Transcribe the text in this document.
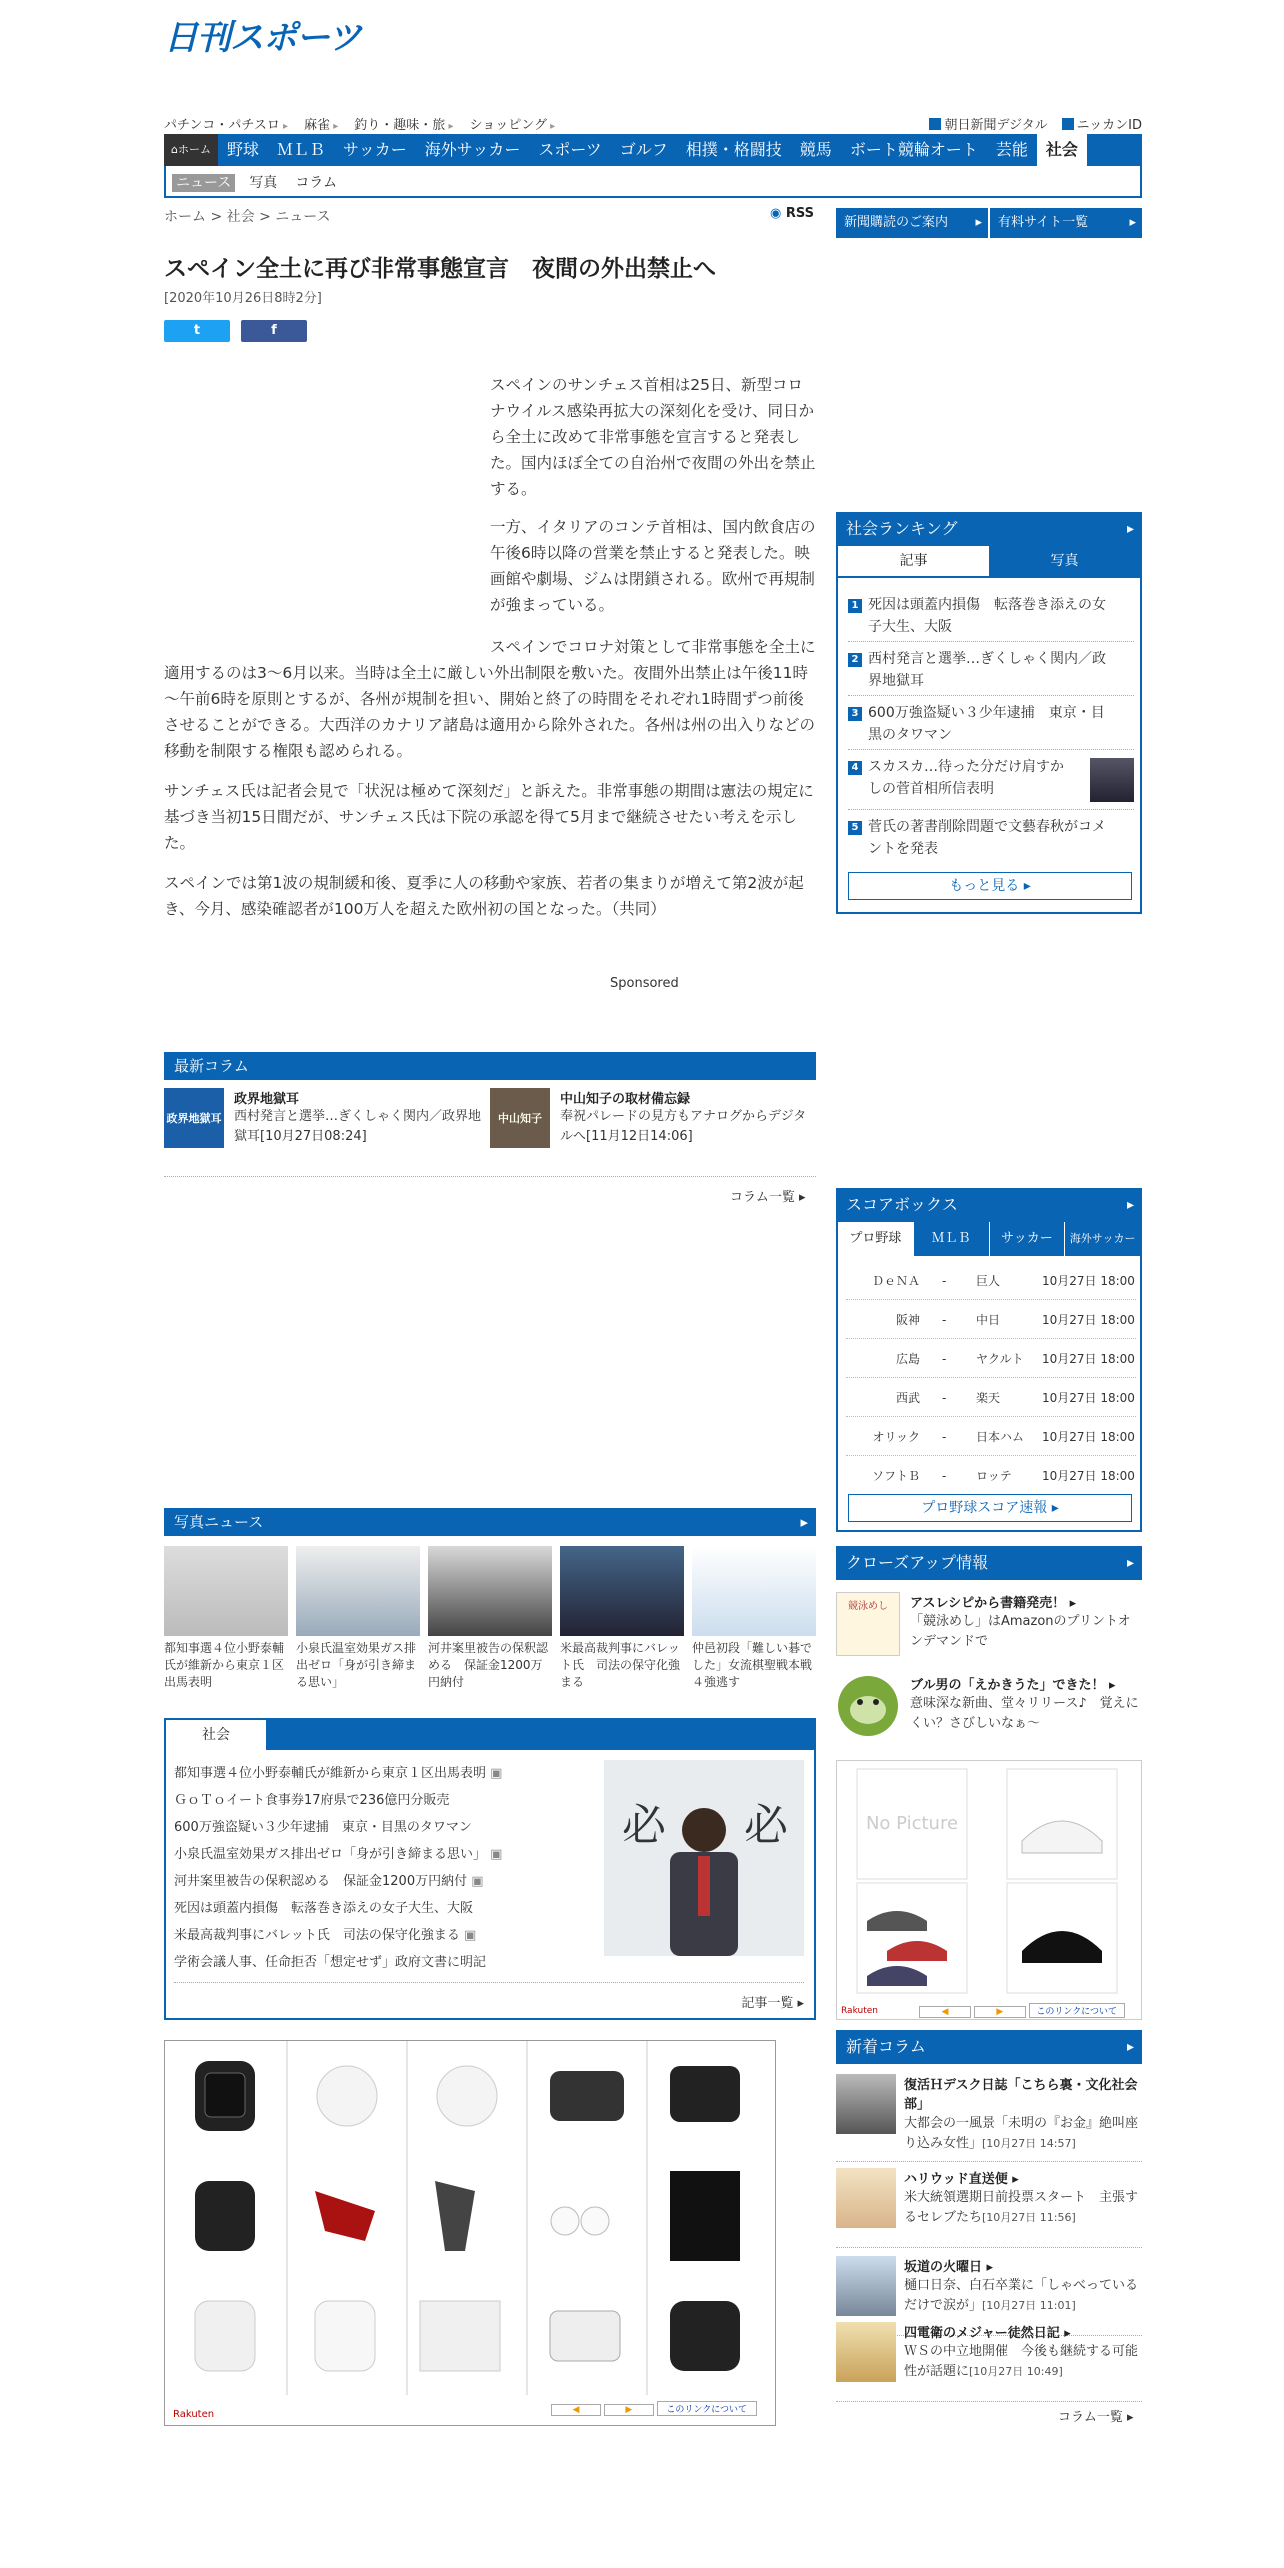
日刊スポーツ
パチンコ・パチスロ ▸ 麻雀 ▸ 釣り・趣味・旅 ▸ ショッピング ▸	朝日新聞デジタル ニッカンID
⌂ホーム	野球	ＭＬＢ	サッカー	海外サッカー	スポーツ	ゴルフ	相撲・格闘技	競馬	ボート競輪オート	芸能	社会
ニュース 写真 コラム
ホーム > 社会 > ニュース	◉ RSS
スペイン全土に再び非常事態宣言　夜間の外出禁止へ
[2020年10月26日8時2分]
t	f

スペインのサンチェス首相は25日、新型コロナウイルス感染再拡大の深刻化を受け、同日から全土に改めて非常事態を宣言すると発表した。国内ほぼ全ての自治州で夜間の外出を禁止する。

一方、イタリアのコンテ首相は、国内飲食店の午後6時以降の営業を禁止すると発表した。映画館や劇場、ジムは閉鎖される。欧州で再規制が強まっている。

スペインでコロナ対策として非常事態を全土に適用するのは3～6月以来。当時は全土に厳しい外出制限を敷いた。夜間外出禁止は午後11時～午前6時を原則とするが、各州が規制を担い、開始と終了の時間をそれぞれ1時間ずつ前後させることができる。大西洋のカナリア諸島は適用から除外された。各州は州の出入りなどの移動を制限する権限も認められる。

サンチェス氏は記者会見で「状況は極めて深刻だ」と訴えた。非常事態の期間は憲法の規定に基づき当初15日間だが、サンチェス氏は下院の承認を得て5月まで継続させたい考えを示した。

スペインでは第1波の規制緩和後、夏季に人の移動や家族、若者の集まりが増えて第2波が起き、今月、感染確認者が100万人を超えた欧州初の国となった。（共同）

Sponsored
最新コラム
政界地獄耳
政界地獄耳
西村発言と選挙…ぎくしゃく関内／政界地獄耳[10月27日08:24]
中山知子
中山知子の取材備忘録
奉祝パレードの見方もアナログからデジタルへ[11月12日14:06]
コラム一覧 ▸
写真ニュース	▸
都知事選４位小野泰輔氏が維新から東京１区出馬表明
小泉氏温室効果ガス排出ゼロ「身が引き締まる思い」
河井案里被告の保釈認める　保証金1200万円納付
米最高裁判事にバレット氏　司法の保守化強まる
仲邑初段「難しい碁でした」女流棋聖戦本戦４強逃す
社会
都知事選４位小野泰輔氏が維新から東京１区出馬表明 ▣
ＧｏＴｏイート食事券17府県で236億円分販売
600万強盗疑い３少年逮捕　東京・目黒のタワマン
小泉氏温室効果ガス排出ゼロ「身が引き締まる思い」 ▣
河井案里被告の保釈認める　保証金1200万円納付 ▣
死因は頭蓋内損傷　転落巻き添えの女子大生、大阪
米最高裁判事にバレット氏　司法の保守化強まる ▣
学術会議人事、任命拒否「想定せず」政府文書に明記
必 必
記事一覧 ▸
Rakuten	◀	▶	このリンクについて
新聞購読のご案内 ▸	有料サイト一覧	▸
社会ランキング ▸
記事	写真
1 死因は頭蓋内損傷　転落巻き添えの女子大生、大阪
2 西村発言と選挙…ぎくしゃく関内／政界地獄耳
3 600万強盗疑い３少年逮捕　東京・目黒のタワマン
4 スカスカ…待った分だけ肩すかしの菅首相所信表明
5 菅氏の著書削除問題で文藝春秋がコメントを発表
もっと見る ▸
スコアボックス ▸
プロ野球	ＭＬＢ	サッカー	海外サッカー
ＤｅＮＡ - 巨人	10月27日 18:00
阪神 - 中日	10月27日 18:00
広島 - ヤクルト 10月27日 18:00
西武 - 楽天	10月27日 18:00
オリック - 日本ハム 10月27日 18:00
ソフトＢ - ロッテ	10月27日 18:00
プロ野球スコア速報 ▸
クローズアップ情報 ▸
競泳めし	アスレシピから書籍発売！ ▸
「競泳めし」はAmazonのプリントオンデマンドで
ブル男の「えかきうた」できた！ ▸
意味深な新曲、堂々リリース♪　覚えにくい？さびしいなぁ～
No Picture
Rakuten	◀	▶	このリンクについて
新着コラム ▸
復活Ｈデスク日誌「こちら裏・文化社会部」
大都会の一風景「未明の『お金』絶叫座り込み女性」[10月27日 14:57]
ハリウッド直送便 ▸
米大統領選期日前投票スタート　主張するセレブたち[10月27日 11:56]
坂道の火曜日 ▸
樋口日奈、白石卒業に「しゃべっているだけで涙が」[10月27日 11:01]
四電衛のメジャー徒然日記 ▸
ＷＳの中立地開催　今後も継続する可能性が話題に[10月27日 10:49]
コラム一覧 ▸
